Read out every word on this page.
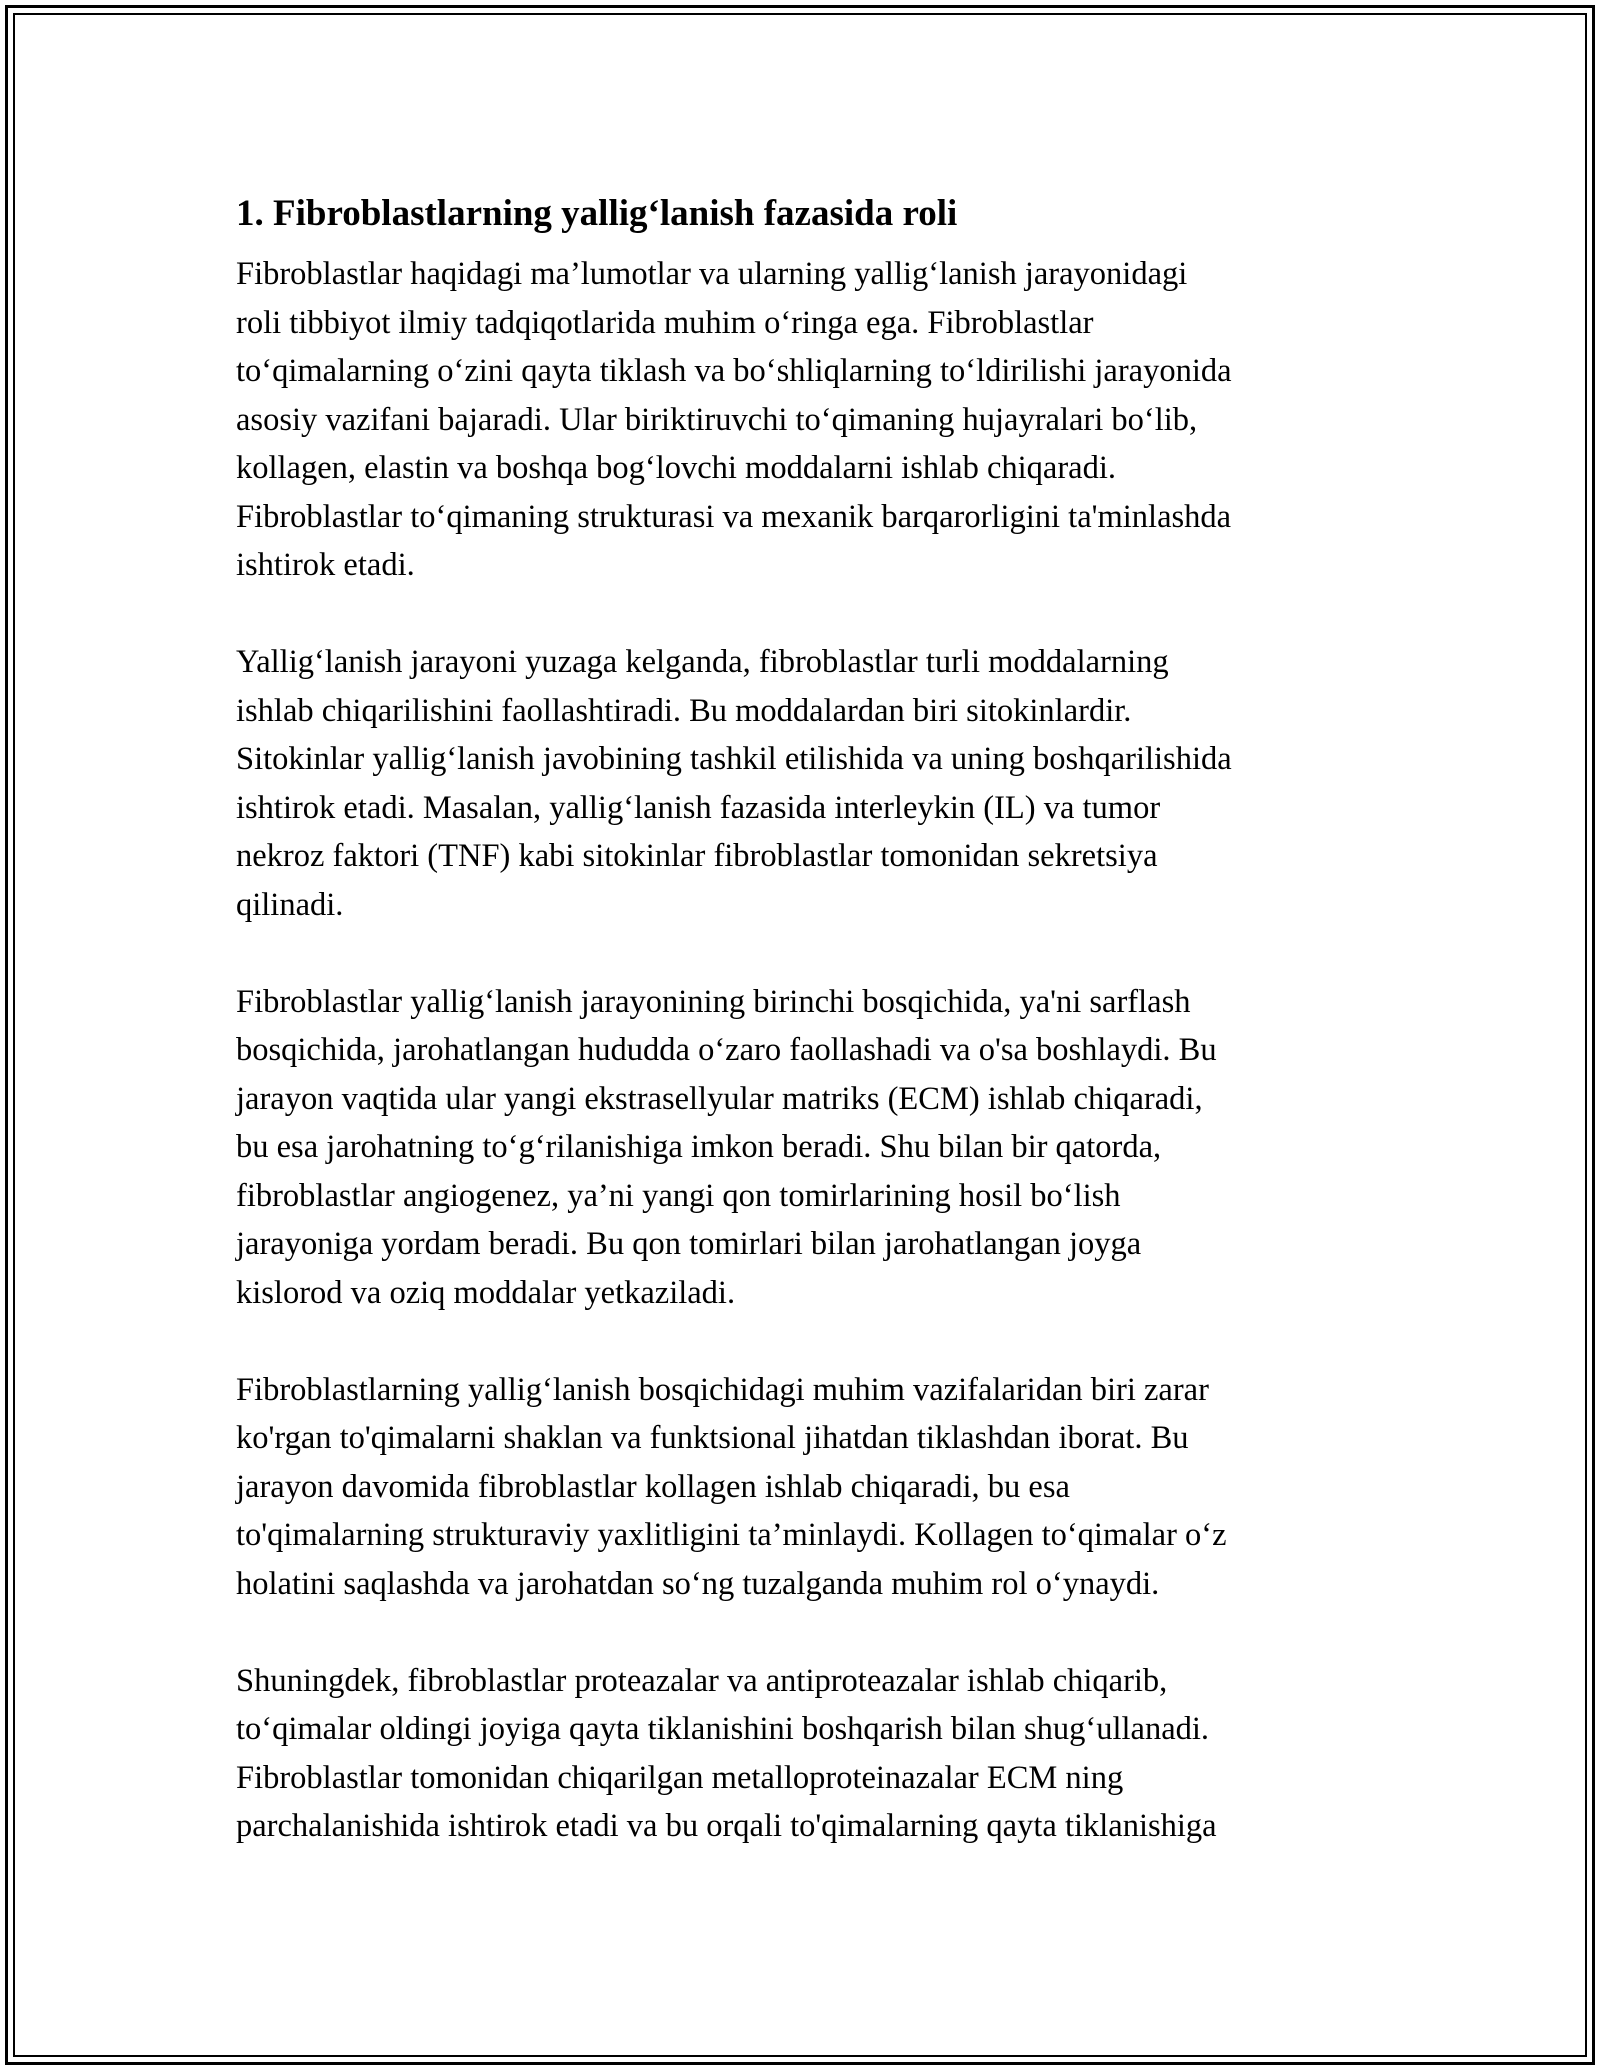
1. Fibroblastlarning yallig‘lanish fazasida roli

Fibroblastlar haqidagi ma’lumotlar va ularning yallig‘lanish jarayonidagi
roli tibbiyot ilmiy tadqiqotlarida muhim o‘ringa ega. Fibroblastlar
to‘qimalarning o‘zini qayta tiklash va bo‘shliqlarning to‘ldirilishi jarayonida
asosiy vazifani bajaradi. Ular biriktiruvchi to‘qimaning hujayralari bo‘lib,
kollagen, elastin va boshqa bog‘lovchi moddalarni ishlab chiqaradi.
Fibroblastlar to‘qimaning strukturasi va mexanik barqarorligini ta'minlashda
ishtirok etadi.

Yallig‘lanish jarayoni yuzaga kelganda, fibroblastlar turli moddalarning
ishlab chiqarilishini faollashtiradi. Bu moddalardan biri sitokinlardir.
Sitokinlar yallig‘lanish javobining tashkil etilishida va uning boshqarilishida
ishtirok etadi. Masalan, yallig‘lanish fazasida interleykin (IL) va tumor
nekroz faktori (TNF) kabi sitokinlar fibroblastlar tomonidan sekretsiya
qilinadi.

Fibroblastlar yallig‘lanish jarayonining birinchi bosqichida, ya'ni sarflash
bosqichida, jarohatlangan hududda o‘zaro faollashadi va o'sa boshlaydi. Bu
jarayon vaqtida ular yangi ekstrasellyular matriks (ECM) ishlab chiqaradi,
bu esa jarohatning to‘g‘rilanishiga imkon beradi. Shu bilan bir qatorda,
fibroblastlar angiogenez, ya’ni yangi qon tomirlarining hosil bo‘lish
jarayoniga yordam beradi. Bu qon tomirlari bilan jarohatlangan joyga
kislorod va oziq moddalar yetkaziladi.

Fibroblastlarning yallig‘lanish bosqichidagi muhim vazifalaridan biri zarar
ko'rgan to'qimalarni shaklan va funktsional jihatdan tiklashdan iborat. Bu
jarayon davomida fibroblastlar kollagen ishlab chiqaradi, bu esa
to'qimalarning strukturaviy yaxlitligini ta’minlaydi. Kollagen to‘qimalar o‘z
holatini saqlashda va jarohatdan so‘ng tuzalganda muhim rol o‘ynaydi.

Shuningdek, fibroblastlar proteazalar va antiproteazalar ishlab chiqarib,
to‘qimalar oldingi joyiga qayta tiklanishini boshqarish bilan shug‘ullanadi.
Fibroblastlar tomonidan chiqarilgan metalloproteinazalar ECM ning
parchalanishida ishtirok etadi va bu orqali to'qimalarning qayta tiklanishiga
